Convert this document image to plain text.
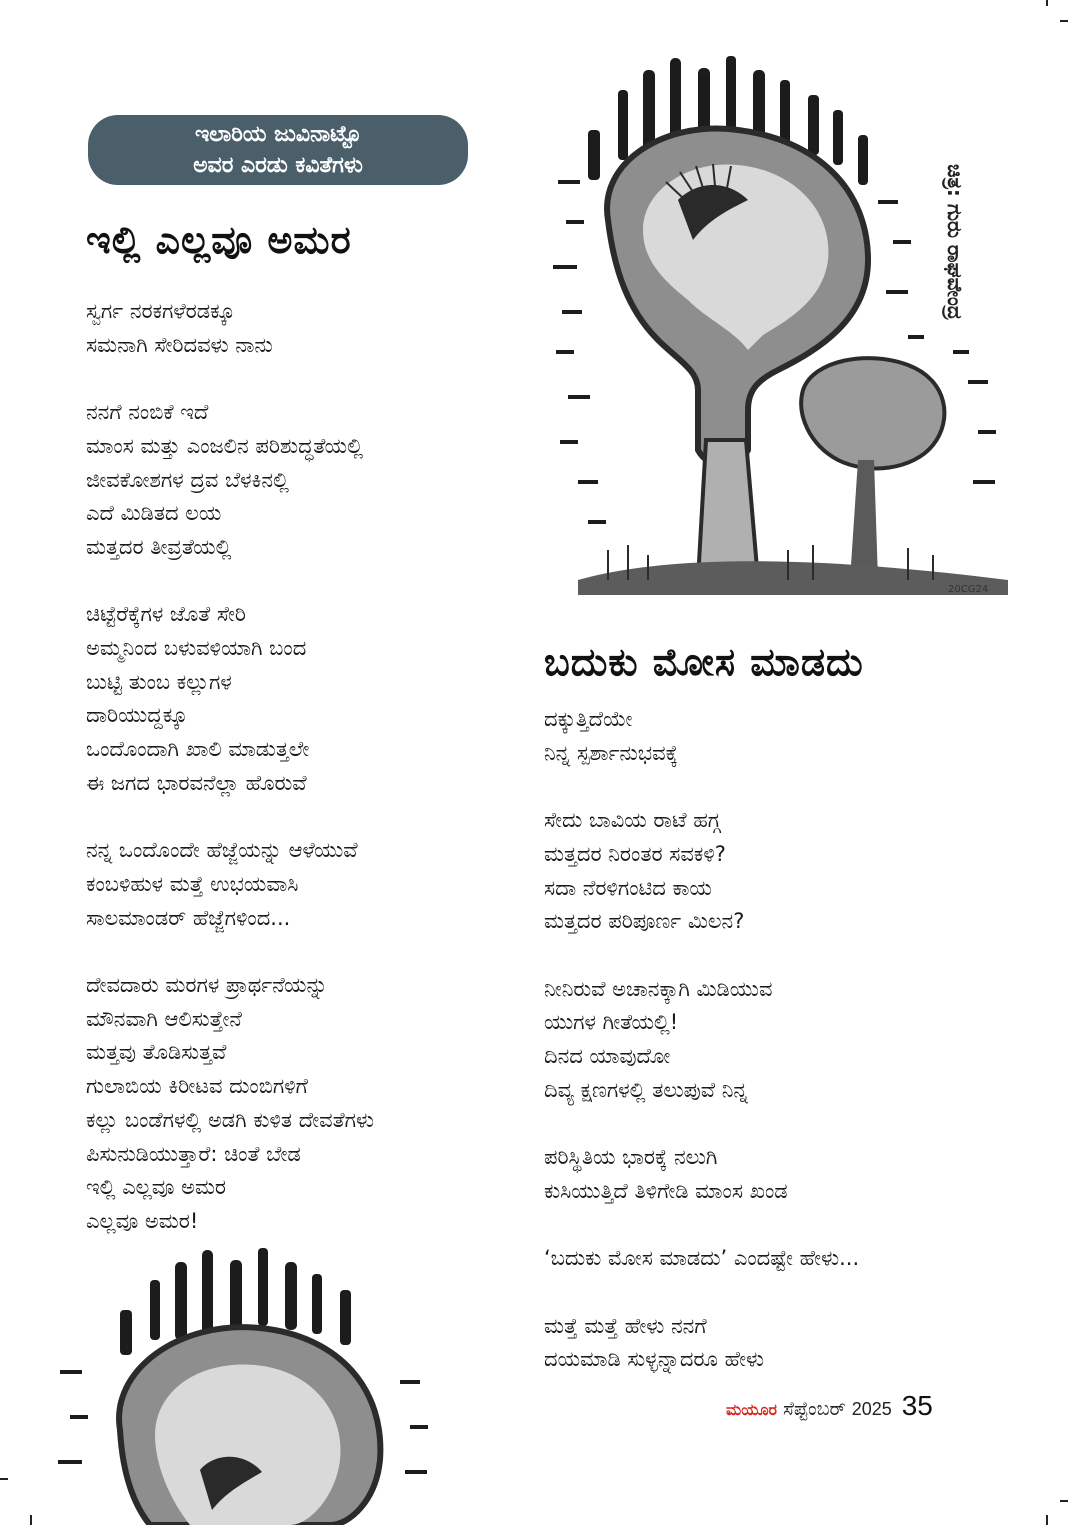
ಇಲಾರಿಯ ಜುವಿನಾಟ್ಟೊ
ಅವರ ಎರಡು ಕವಿತೆಗಳು
ಇಲ್ಲಿ ಎಲ್ಲವೂ ಅಮರ
ಸ್ವರ್ಗ ನರಕಗಳೆರಡಕ್ಕೂ
ಸಮನಾಗಿ ಸೇರಿದವಳು ನಾನು
ನನಗೆ ನಂಬಿಕೆ ಇದೆ
ಮಾಂಸ ಮತ್ತು ಎಂಜಲಿನ ಪರಿಶುದ್ಧತೆಯಲ್ಲಿ
ಜೀವಕೋಶಗಳ ದ್ರವ ಬೆಳಕಿನಲ್ಲಿ
ಎದೆ ಮಿಡಿತದ ಲಯ
ಮತ್ತದರ ತೀವ್ರತೆಯಲ್ಲಿ
ಚಿಟ್ಟೆರೆಕ್ಕೆಗಳ ಜೊತೆ ಸೇರಿ
ಅಮ್ಮನಿಂದ ಬಳುವಳಿಯಾಗಿ ಬಂದ
ಬುಟ್ಟಿ ತುಂಬ ಕಲ್ಲುಗಳ
ದಾರಿಯುದ್ದಕ್ಕೂ
ಒಂದೊಂದಾಗಿ ಖಾಲಿ ಮಾಡುತ್ತಲೇ
ಈ ಜಗದ ಭಾರವನೆಲ್ಲಾ ಹೊರುವೆ
ನನ್ನ ಒಂದೊಂದೇ ಹೆಜ್ಜೆಯನ್ನು ಆಳೆಯುವೆ
ಕಂಬಳಿಹುಳ ಮತ್ತೆ ಉಭಯವಾಸಿ
ಸಾಲಮಾಂಡರ್ ಹೆಜ್ಜೆಗಳಿಂದ...
ದೇವದಾರು ಮರಗಳ ಪ್ರಾರ್ಥನೆಯನ್ನು
ಮೌನವಾಗಿ ಆಲಿಸುತ್ತೇನೆ
ಮತ್ತವು ತೊಡಿಸುತ್ತವೆ
ಗುಲಾಬಿಯ ಕಿರೀಟವ ದುಂಬಿಗಳಿಗೆ
ಕಲ್ಲು ಬಂಡೆಗಳಲ್ಲಿ ಅಡಗಿ ಕುಳಿತ ದೇವತೆಗಳು
ಪಿಸುನುಡಿಯುತ್ತಾರೆ: ಚಿಂತೆ ಬೇಡ
ಇಲ್ಲಿ ಎಲ್ಲವೂ ಅಮರ
ಎಲ್ಲವೂ ಅಮರ!
20CG24
ಚಿತ್ರ: ಗುರು ರಾಘವೇಂದ್ರ
ಬದುಕು ಮೋಸ ಮಾಡದು
ದಕ್ಕುತ್ತಿದೆಯೇ
ನಿನ್ನ ಸ್ಪರ್ಶಾನುಭವಕ್ಕೆ
ಸೇದು ಬಾವಿಯ ರಾಟೆ ಹಗ್ಗ
ಮತ್ತದರ ನಿರಂತರ ಸವಕಳಿ?
ಸದಾ ನೆರಳಿಗಂಟಿದ ಕಾಯ
ಮತ್ತದರ ಪರಿಪೂರ್ಣ ಮಿಲನ?
ನೀನಿರುವೆ ಅಚಾನಕ್ಕಾಗಿ ಮಿಡಿಯುವ
ಯುಗಳ ಗೀತೆಯಲ್ಲಿ!
ದಿನದ ಯಾವುದೋ
ದಿವ್ಯ ಕ್ಷಣಗಳಲ್ಲಿ ತಲುಪುವೆ ನಿನ್ನ
ಪರಿಸ್ಥಿತಿಯ ಭಾರಕ್ಕೆ ನಲುಗಿ
ಕುಸಿಯುತ್ತಿದೆ ತಿಳಿಗೇಡಿ ಮಾಂಸ ಖಂಡ
‘ಬದುಕು ಮೋಸ ಮಾಡದು’ ಎಂದಷ್ಟೇ ಹೇಳು...
ಮತ್ತೆ ಮತ್ತೆ ಹೇಳು ನನಗೆ
ದಯಮಾಡಿ ಸುಳ್ಳನ್ನಾದರೂ ಹೇಳು
ಮಯೂರ ಸೆಪ್ಟೆಂಬರ್ 2025 35
